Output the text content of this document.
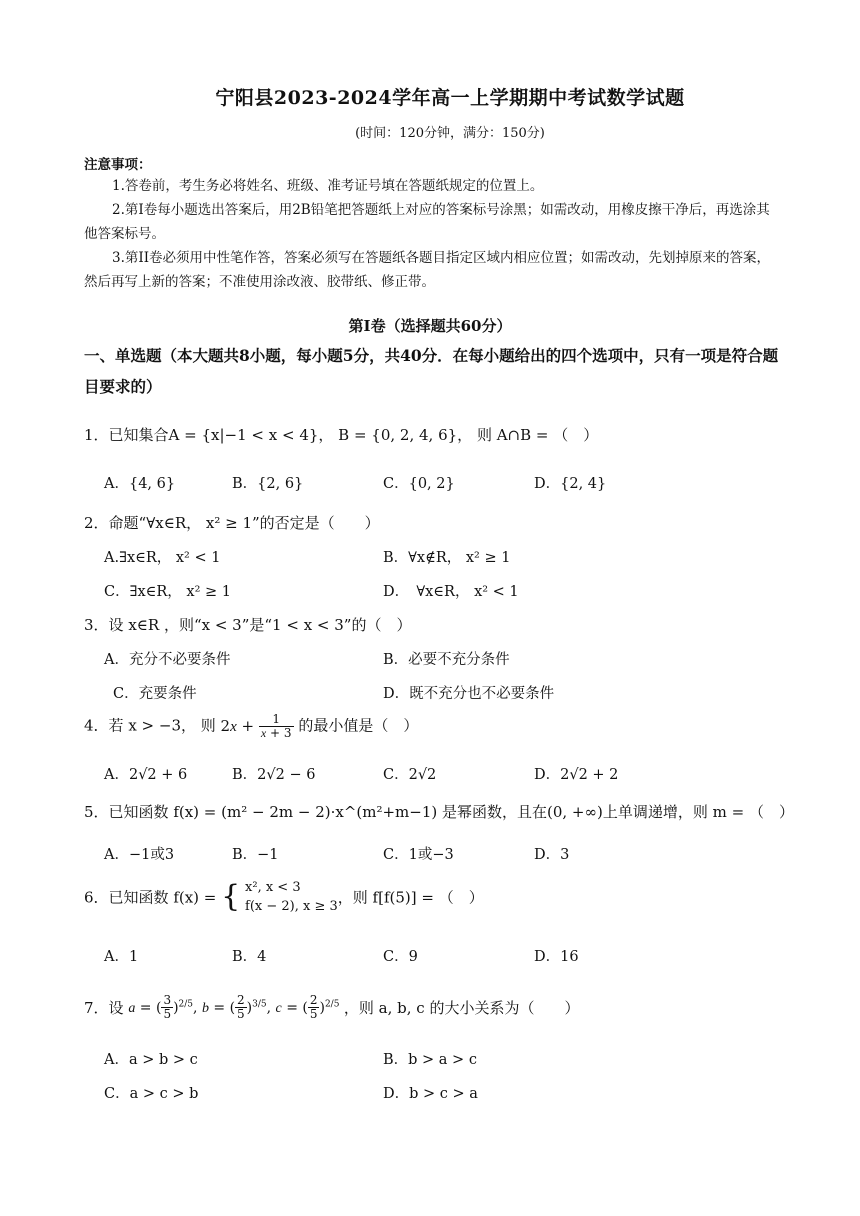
宁阳县2023-2024学年高一上学期期中考试数学试题
(时间：120分钟，满分：150分)
注意事项：
1.答卷前，考生务必将姓名、班级、准考证号填在答题纸规定的位置上。
2.第Ⅰ卷每小题选出答案后，用2B铅笔把答题纸上对应的答案标号涂黑；如需改动，用橡皮擦干净后，再选涂其他答案标号。
3.第II卷必须用中性笔作答，答案必须写在答题纸各题目指定区域内相应位置；如需改动，先划掉原来的答案，然后再写上新的答案；不准使用涂改液、胶带纸、修正带。
第Ⅰ卷（选择题共60分）
一、单选题（本大题共8小题，每小题5分，共40分．在每小题给出的四个选项中，只有一项是符合题目要求的）
1．已知集合A = {x|−1 < x < 4}， B = {0, 2, 4, 6}， 则 A∩B = （　）
A．{4, 6}	B．{2, 6}	C．{0, 2}	D．{2, 4}
2．命题“∀x∈R， x² ≥ 1”的否定是（　　）
A.∃x∈R， x² < 1	B．∀x∉R， x² ≥ 1
C．∃x∈R， x² ≥ 1	D．　∀x∈R， x² < 1
3．设 x∈R ，则“x < 3”是“1 < x < 3”的（　）
A．充分不必要条件	B．必要不充分条件
C．充要条件	D．既不充分也不必要条件
4．若 x > −3， 则 $2x + \frac{1}{x + 3}$ 的最小值是（　）
A．2√2 + 6	B．2√2 − 6	C．2√2	D．2√2 + 2
5．已知函数 f(x) = (m² − 2m − 2)·x^(m²+m−1) 是幂函数，且在(0, +∞)上单调递增，则 m = （　）
A．−1或3	B．−1	C．1或−3	D．3
6．已知函数 f(x) = { x², x < 3
f(x − 2), x ≥ 3 ，则 f[f(5)] = （　）
A．1	B．4	C．9	D．16
7．设 a = ( $\frac{3}{5} )^{2/5}$, b = ( $\frac{2}{5} )^{3/5}$, c = ( $\frac{2}{5} )^{2/5}$ ，则 a, b, c 的大小关系为（　　）
A．a > b > c	B．b > a > c
C．a > c > b	D．b > c > a
